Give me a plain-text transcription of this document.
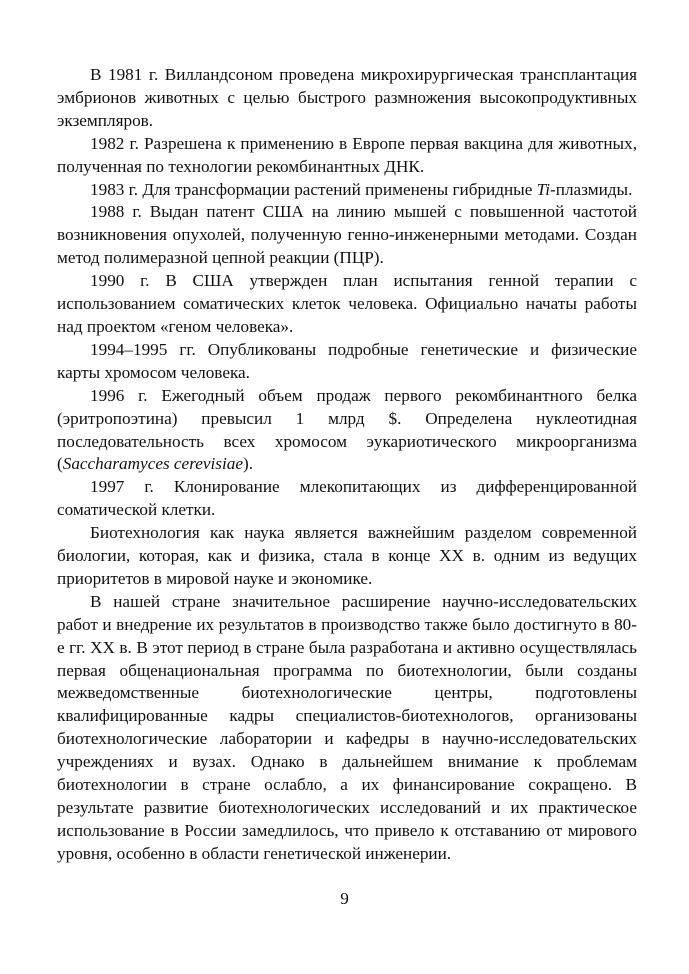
В 1981 г. Вилландсоном проведена микрохирургическая трансплантация эмбрионов животных с целью быстрого размножения высокопродуктивных экземпляров.

1982 г. Разрешена к применению в Европе первая вакцина для животных, полученная по технологии рекомбинантных ДНК.

1983 г. Для трансформации растений применены гибридные Ti-плазмиды.

1988 г. Выдан патент США на линию мышей с повышенной частотой возникновения опухолей, полученную генно-инженерными методами. Создан метод полимеразной цепной реакции (ПЦР).

1990 г. В США утвержден план испытания генной терапии с использованием соматических клеток человека. Официально начаты работы над проектом «геном человека».

1994–1995 гг. Опубликованы подробные генетические и физические карты хромосом человека.

1996 г. Ежегодный объем продаж первого рекомбинантного белка (эритропоэтина) превысил 1 млрд $. Определена нуклеотидная последовательность всех хромосом эукариотического микроорганизма (Saccharamyces cerevisiae).

1997 г. Клонирование млекопитающих из дифференцированной соматической клетки.

Биотехнология как наука является важнейшим разделом современной биологии, которая, как и физика, стала в конце XX в. одним из ведущих приоритетов в мировой науке и экономике.

В нашей стране значительное расширение научно-исследовательских работ и внедрение их результатов в производство также было достигнуто в 80-е гг. XX в. В этот период в стране была разработана и активно осуществлялась первая общенациональная программа по биотехнологии, были созданы межведомственные биотехнологические центры, подготовлены квалифицированные кадры специалистов-биотехнологов, организованы биотехнологические лаборатории и кафедры в научно-исследовательских учреждениях и вузах. Однако в дальнейшем внимание к проблемам биотехнологии в стране ослабло, а их финансирование сокращено. В результате развитие биотехнологических исследований и их практическое использование в России замедлилось, что привело к отставанию от мирового уровня, особенно в области генетической инженерии.

9
